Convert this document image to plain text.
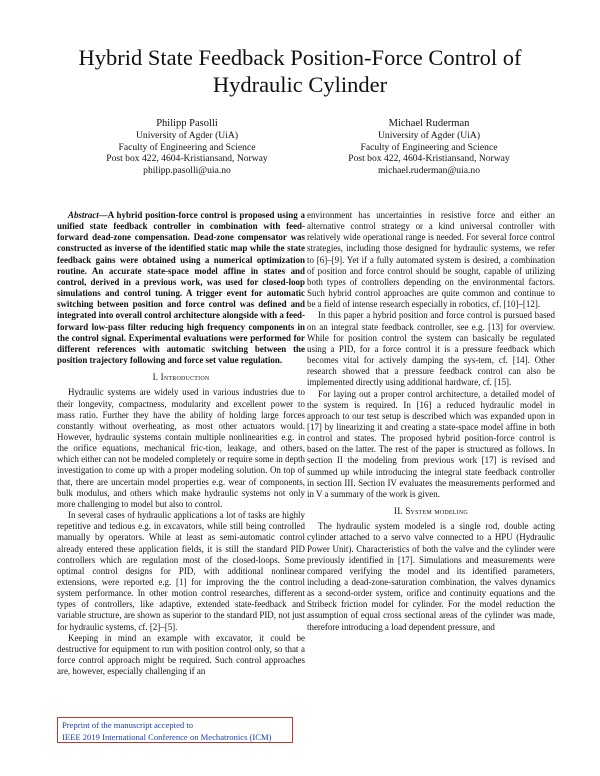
Hybrid State Feedback Position-Force Control of
Hydraulic Cylinder
Philipp Pasolli
University of Agder (UiA)
Faculty of Engineering and Science
Post box 422, 4604-Kristiansand, Norway
philipp.pasolli@uia.no
Michael Ruderman
University of Agder (UiA)
Faculty of Engineering and Science
Post box 422, 4604-Kristiansand, Norway
michael.ruderman@uia.no

Abstract—A hybrid position-force control is proposed using a unified state feedback controller in combination with feed-forward dead-zone compensation. Dead-zone compensator was constructed as inverse of the identified static map while the state feedback gains were obtained using a numerical optimization routine. An accurate state-space model affine in states and control, derived in a previous work, was used for closed-loop simulations and control tuning. A trigger event for automatic switching between position and force control was defined and integrated into overall control architecture alongside with a feed-forward low-pass filter reducing high frequency components in the control signal. Experimental evaluations were performed for different references with automatic switching between the position trajectory following and force set value regulation.

I. Introduction

Hydraulic systems are widely used in various industries due to their longevity, compactness, modularity and excellent power to mass ratio. Further they have the ability of holding large forces constantly without overheating, as most other actuators would. However, hydraulic systems contain multiple nonlinearities e.g. in the orifice equations, mechanical fric-tion, leakage, and others, which either can not be modeled completely or require some in depth investigation to come up with a proper modeling solution. On top of that, there are uncertain model properties e.g. wear of components, bulk modulus, and others which make hydraulic systems not only more challenging to model but also to control.

In several cases of hydraulic applications a lot of tasks are highly repetitive and tedious e.g. in excavators, while still being controlled manually by operators. While at least as semi-automatic control already entered these application fields, it is still the standard PID controllers which are regulation most of the closed-loops. Some optimal control designs for PID, with additional nonlinear extensions, were reported e.g. [1] for improving the the control system performance. In other motion control researches, different types of controllers, like adaptive, extended state-feedback and variable structure, are shown as superior to the standard PID, not just for hydraulic systems, cf. [2]–[5].

Keeping in mind an example with excavator, it could be destructive for equipment to run with position control only, so that a force control approach might be required. Such control approaches are, however, especially challenging if an

environment has uncertainties in resistive force and either an alternative control strategy or a kind universal controller with relatively wide operational range is needed. For several force control strategies, including those designed for hydraulic systems, we refer to [6]–[9]. Yet if a fully automated system is desired, a combination of position and force control should be sought, capable of utilizing both types of controllers depending on the environmental factors. Such hybrid control approaches are quite common and continue to be a field of intense research especially in robotics, cf. [10]–[12].

In this paper a hybrid position and force control is pursued based on an integral state feedback controller, see e.g. [13] for overview. While for position control the system can basically be regulated using a PID, for a force control it is a pressure feedback which becomes vital for actively damping the sys-tem, cf. [14]. Other research showed that a pressure feedback control can also be implemented directly using additional hardware, cf. [15].

For laying out a proper control architecture, a detailed model of the system is required. In [16] a reduced hydraulic model in approach to our test setup is described which was expanded upon in [17] by linearizing it and creating a state-space model affine in both control and states. The proposed hybrid position-force control is based on the latter. The rest of the paper is structured as follows. In section II the modeling from previous work [17] is revised and summed up while introducing the integral state feedback controller in section III. Section IV evaluates the measurements performed and in V a summary of the work is given.

II. System modeling

The hydraulic system modeled is a single rod, double acting cylinder attached to a servo valve connected to a HPU (Hydraulic Power Unit). Characteristics of both the valve and the cylinder were previously identified in [17]. Simulations and measurements were compared verifying the model and its identified parameters, including a dead-zone-saturation combination, the valves dynamics as a second-order system, orifice and continuity equations and the Stribeck friction model for cylinder. For the model reduction the assumption of equal cross sectional areas of the cylinder was made, therefore introducing a load dependent pressure, and

Preprint of the manuscript accepted to
IEEE 2019 International Conference on Mechatronics (ICM)
